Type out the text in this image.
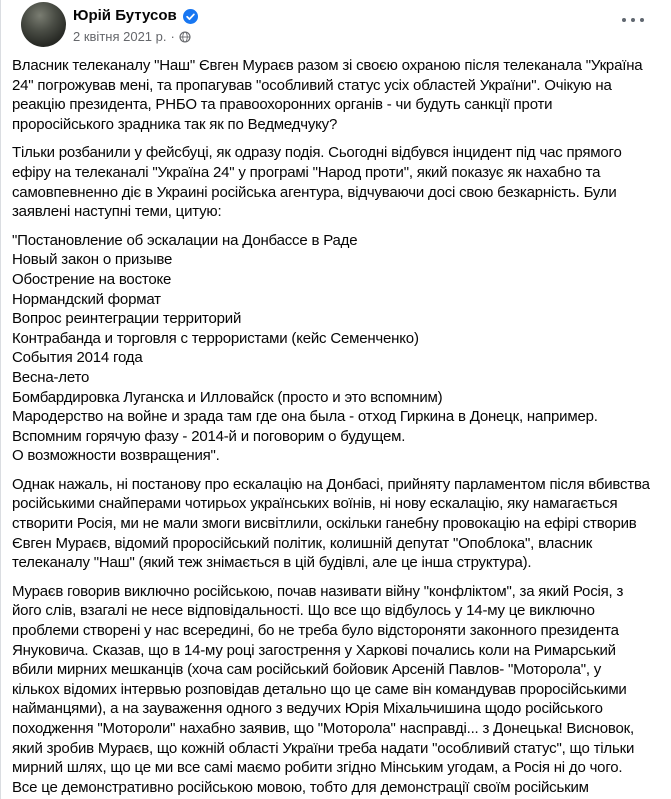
Юрій Бутусов
2 квітня 2021 р. ·
Власник телеканалу "Наш" Євген Мураєв разом зі своєю охраною після телеканала "Україна 24" погрожував мені, та пропагував "особливий статус усіх областей України". Очікую на реакцію президента, РНБО та правоохоронних органів - чи будуть санкції проти проросійського зрадника так як по Ведмедчуку?
Тільки розбанили у фейсбуці, як одразу подія. Сьогодні відбувся інцидент під час прямого ефіру на телеканалі "Україна 24" у програмі "Народ проти", який показує як нахабно та самовпевненно діє в Украині російська агентура, відчуваючи досі свою безкарність. Були заявлені наступні теми, цитую:
"Постановление об эскалации на Донбассе в Раде
Новый закон о призыве
Обострение на востоке
Нормандский формат
Вопрос реинтеграции территорий
Контрабанда и торговля с террористами (кейс Семенченко)
События 2014 года
Весна-лето
Бомбардировка Луганска и Илловайск (просто и это вспомним)
Мародерство на войне и зрада там где она была - отход Гиркина в Донецк, например.
Вспомним горячую фазу - 2014-й и поговорим о будущем.
О возможности возвращения".
Однак нажаль, ні постанову про ескалацію на Донбасі, прийняту парламентом після вбивства російськими снайперами чотирьох українських воїнів, ні нову ескалацію, яку намагається створити Росія, ми не мали змоги висвітлили, оскільки ганебну провокацію на ефірі створив Євген Мураєв, відомий проросійський політик, колишній депутат "Опоблока", власник телеканалу "Наш" (який теж знімається в цій будівлі, але це інша структура).
Мураєв говорив виключно російською, почав називати війну "конфліктом", за який Росія, з його слів, взагалі не несе відповідальності. Що все що відбулось у 14-му це виключно проблеми створені у нас всередині, бо не треба було відстороняти законного президента Януковича. Сказав, що в 14-му році загострення у Харкові почались коли на Римарський вбили мирних мешканців (хоча сам російський бойовик Арсеній Павлов- "Моторола", у кількох відомих інтервью розповідав детально що це саме він командував проросійськими найманцями), а на зауваження одного з ведучих Юрія Міхальчишина щодо російського походження "Мотороли" нахабно заявив, що "Моторола" насправді... з Донецька! Висновок, який зробив Мураєв, що кожній області України треба надати "особливий статус", що тільки мирний шлях, що це ми все самі маємо робити згідно Мінським угодам, а Росія ні до чого.
Все це демонстративно російською мовою, тобто для демонстрації своїм російським
